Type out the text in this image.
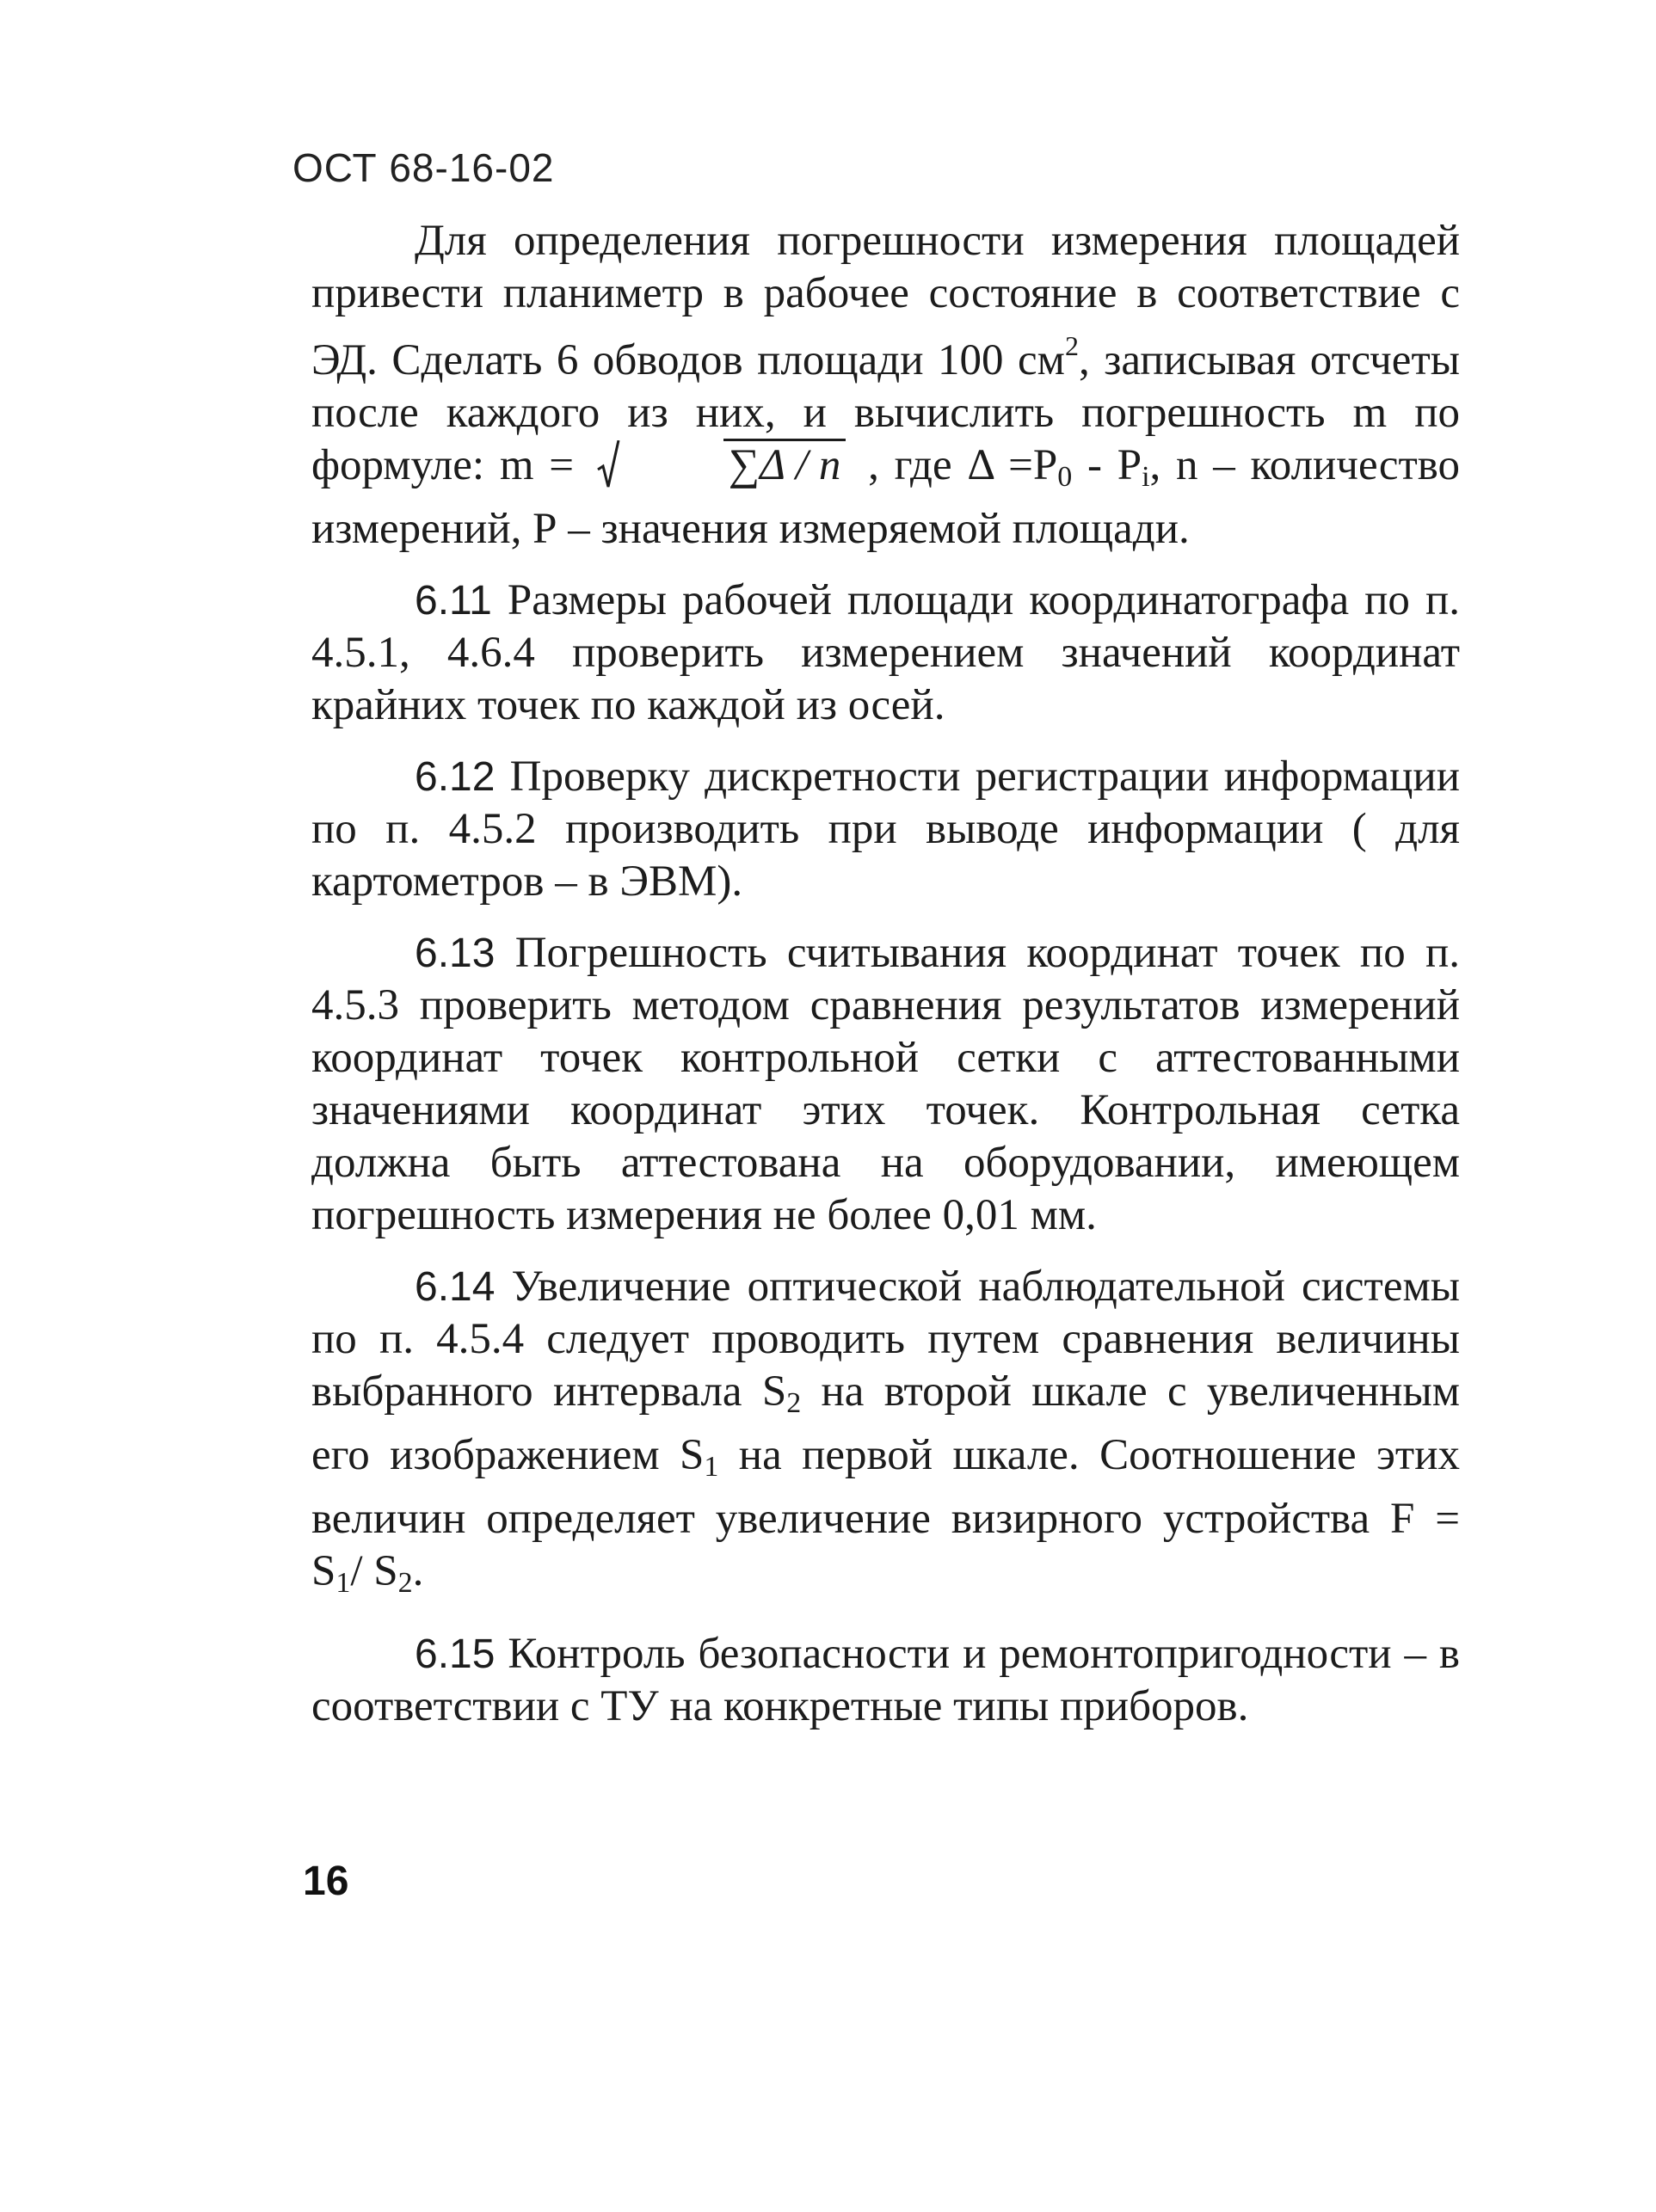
ОСТ 68-16-02

Для определения погрешности измерения площадей привести планиметр в рабочее состояние в соответствие с ЭД. Сделать 6 обводов площади 100 $см^2$, записывая отсчеты после каждого из них, и вычислить погрешность m по формуле: m =	∑Δ / n , где $\Delta =P_0 - P_i$, n – количество измерений, Р – значения измеряемой площади.

6.11 Размеры рабочей площади координатографа по п. 4.5.1, 4.6.4 проверить измерением значений координат крайних точек по каждой из осей.

6.12 Проверку дискретности регистрации информации по п. 4.5.2 производить при выводе информации ( для картометров – в ЭВМ).

6.13 Погрешность считывания координат точек по п. 4.5.3 проверить методом сравнения результатов измерений координат точек контрольной сетки с аттестованными значениями координат этих точек. Контрольная сетка должна быть аттестована на оборудовании, имеющем погрешность измерения не более 0,01 мм.

6.14 Увеличение оптической наблюдательной системы по п. 4.5.4 следует проводить путем сравнения величины выбранного интервала $S_2$ на второй шкале с увеличенным его изображением $S_1$ на первой шкале. Соотношение этих величин определяет увеличение визирного устройства $F = S_1/$ $S_2$.

6.15 Контроль безопасности и ремонтопригодности – в соответствии с ТУ на конкретные типы приборов.

16
